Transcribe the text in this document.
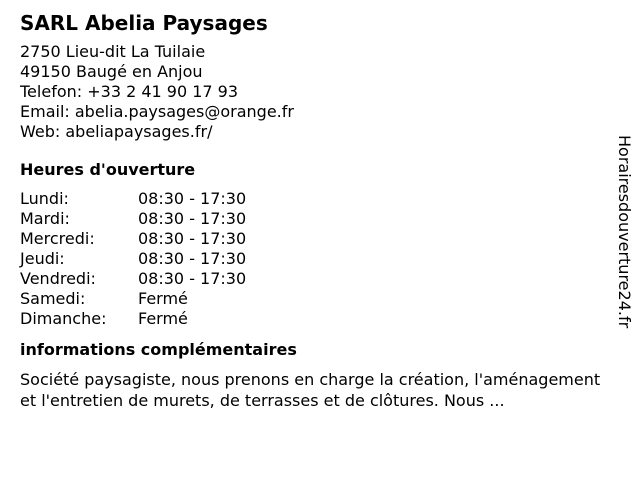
SARL Abelia Paysages
2750 Lieu-dit La Tuilaie
49150 Baugé en Anjou
Telefon: +33 2 41 90 17 93
Email: abelia.paysages@orange.fr
Web: abeliapaysages.fr/
Heures d'ouverture
Lundi:	08:30 - 17:30
Mardi:	08:30 - 17:30
Mercredi:	08:30 - 17:30
Jeudi:	08:30 - 17:30
Vendredi:	08:30 - 17:30
Samedi:	Fermé
Dimanche:	Fermé
informations complémentaires

Société paysagiste, nous prenons en charge la création, l'aménagement et l'entretien de murets, de terrasses et de clôtures. Nous ...

Horairesdouverture24.fr
